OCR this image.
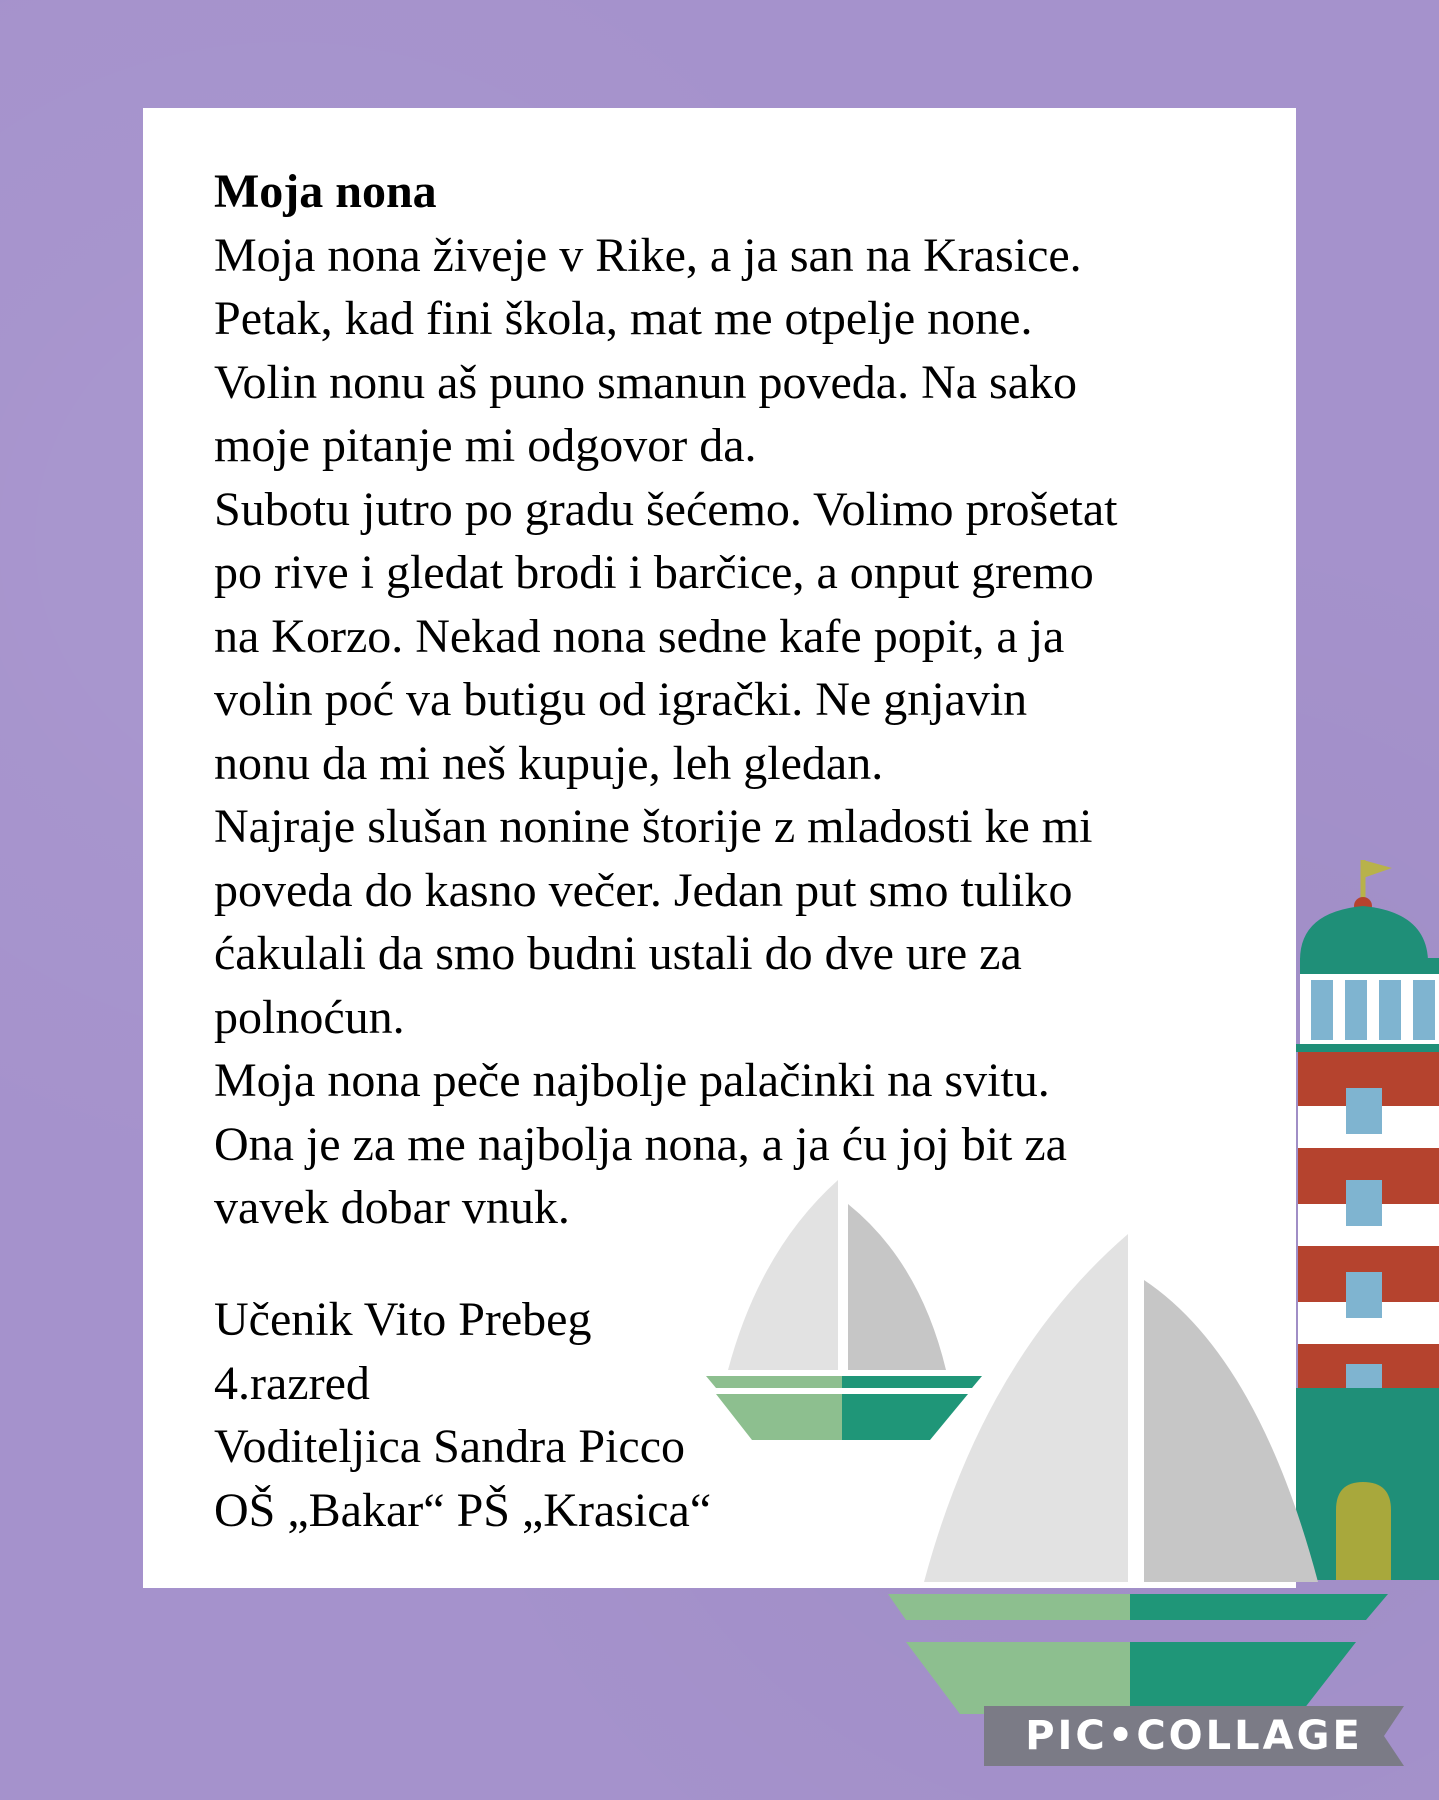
Moja nona
Moja nona živeje v Rike, a ja san na Krasice.
Petak, kad fini škola, mat me otpelje none.
Volin nonu aš puno smanun poveda. Na sako
moje pitanje mi odgovor da.
Subotu jutro po gradu šećemo. Volimo prošetat
po rive i gledat brodi i barčice, a onput gremo
na Korzo. Nekad nona sedne kafe popit, a ja
volin poć va butigu od igrački. Ne gnjavin
nonu da mi neš kupuje, leh gledan.
Najraje slušan nonine štorije z mladosti ke mi
poveda do kasno večer. Jedan put smo tuliko
ćakulali da smo budni ustali do dve ure za
polnoćun.
Moja nona peče najbolje palačinki na svitu.
Ona je za me najbolja nona, a ja ću joj bit za
vavek dobar vnuk.
Učenik Vito Prebeg
4.razred
Voditeljica Sandra Picco
OŠ „Bakar“ PŠ „Krasica“
PIC•COLLAGE
